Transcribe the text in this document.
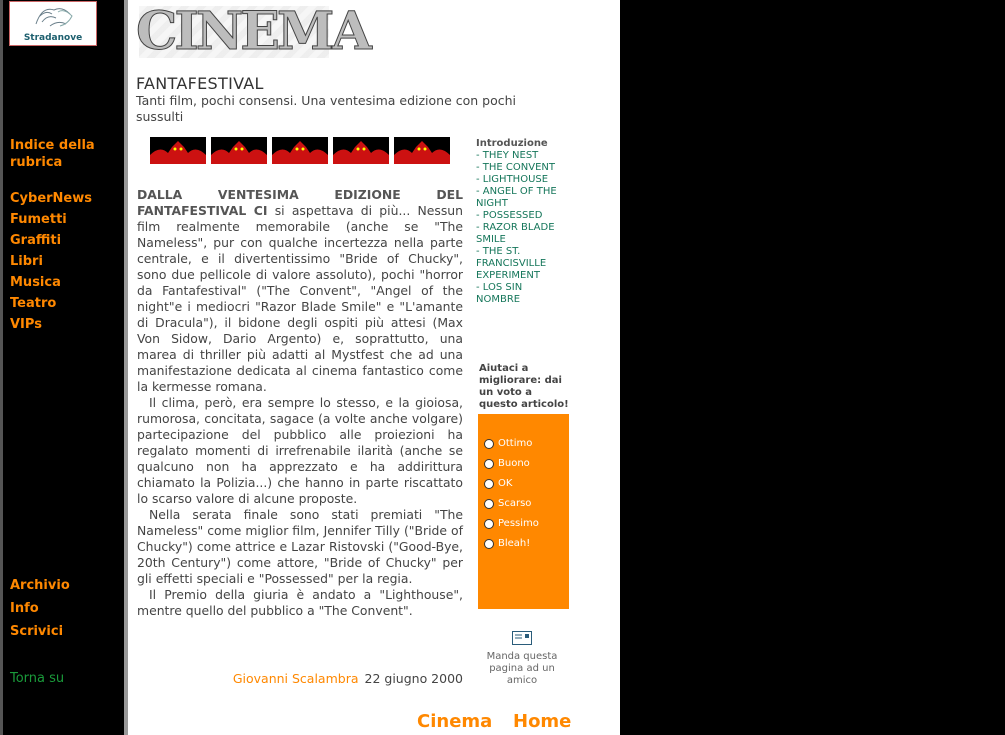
Stradanove
Indice della
rubrica
CyberNews
Fumetti
Graffiti
Libri
Musica
Teatro
VIPs
Archivio
Info
Scrivici
Torna su
CINEMA
FANTAFESTIVAL
Tanti film, pochi consensi. Una ventesima edizione con pochi sussulti

DALLA VENTESIMA EDIZIONE DEL FANTAFESTIVAL CI si aspettava di più... Nessun film realmente memorabile (anche se "The Nameless", pur con qualche incertezza nella parte centrale, e il divertentissimo "Bride of Chucky", sono due pellicole di valore assoluto), pochi "horror da Fantafestival" ("The Convent", "Angel of the night"e i mediocri "Razor Blade Smile" e "L'amante di Dracula"), il bidone degli ospiti più attesi (Max Von Sidow, Dario Argento) e, soprattutto, una marea di thriller più adatti al Mystfest che ad una manifestazione dedicata al cinema fantastico come la kermesse romana.

Il clima, però, era sempre lo stesso, e la gioiosa, rumorosa, concitata, sagace (a volte anche volgare) partecipazione del pubblico alle proiezioni ha regalato momenti di irrefrenabile ilarità (anche se qualcuno non ha apprezzato e ha addirittura chiamato la Polizia...) che hanno in parte riscattato lo scarso valore di alcune proposte.

Nella serata finale sono stati premiati "The Nameless" come miglior film, Jennifer Tilly ("Bride of Chucky") come attrice e Lazar Ristovski ("Good-Bye, 20th Century") come attore, "Bride of Chucky" per gli effetti speciali e "Possessed" per la regia.

Il Premio della giuria è andato a "Lighthouse", mentre quello del pubblico a "The Convent".

Giovanni Scalambra 22 giugno 2000
Introduzione
- THEY NEST
- THE CONVENT
- LIGHTHOUSE
- ANGEL OF THE NIGHT
- POSSESSED
- RAZOR BLADE SMILE
- THE ST. FRANCISVILLE EXPERIMENT
- LOS SIN NOMBRE
Aiutaci a migliorare: dai un voto a questo articolo!
Ottimo
Buono
OK
Scarso
Pessimo
Bleah!
Manda questa pagina ad un amico
Cinema Home
